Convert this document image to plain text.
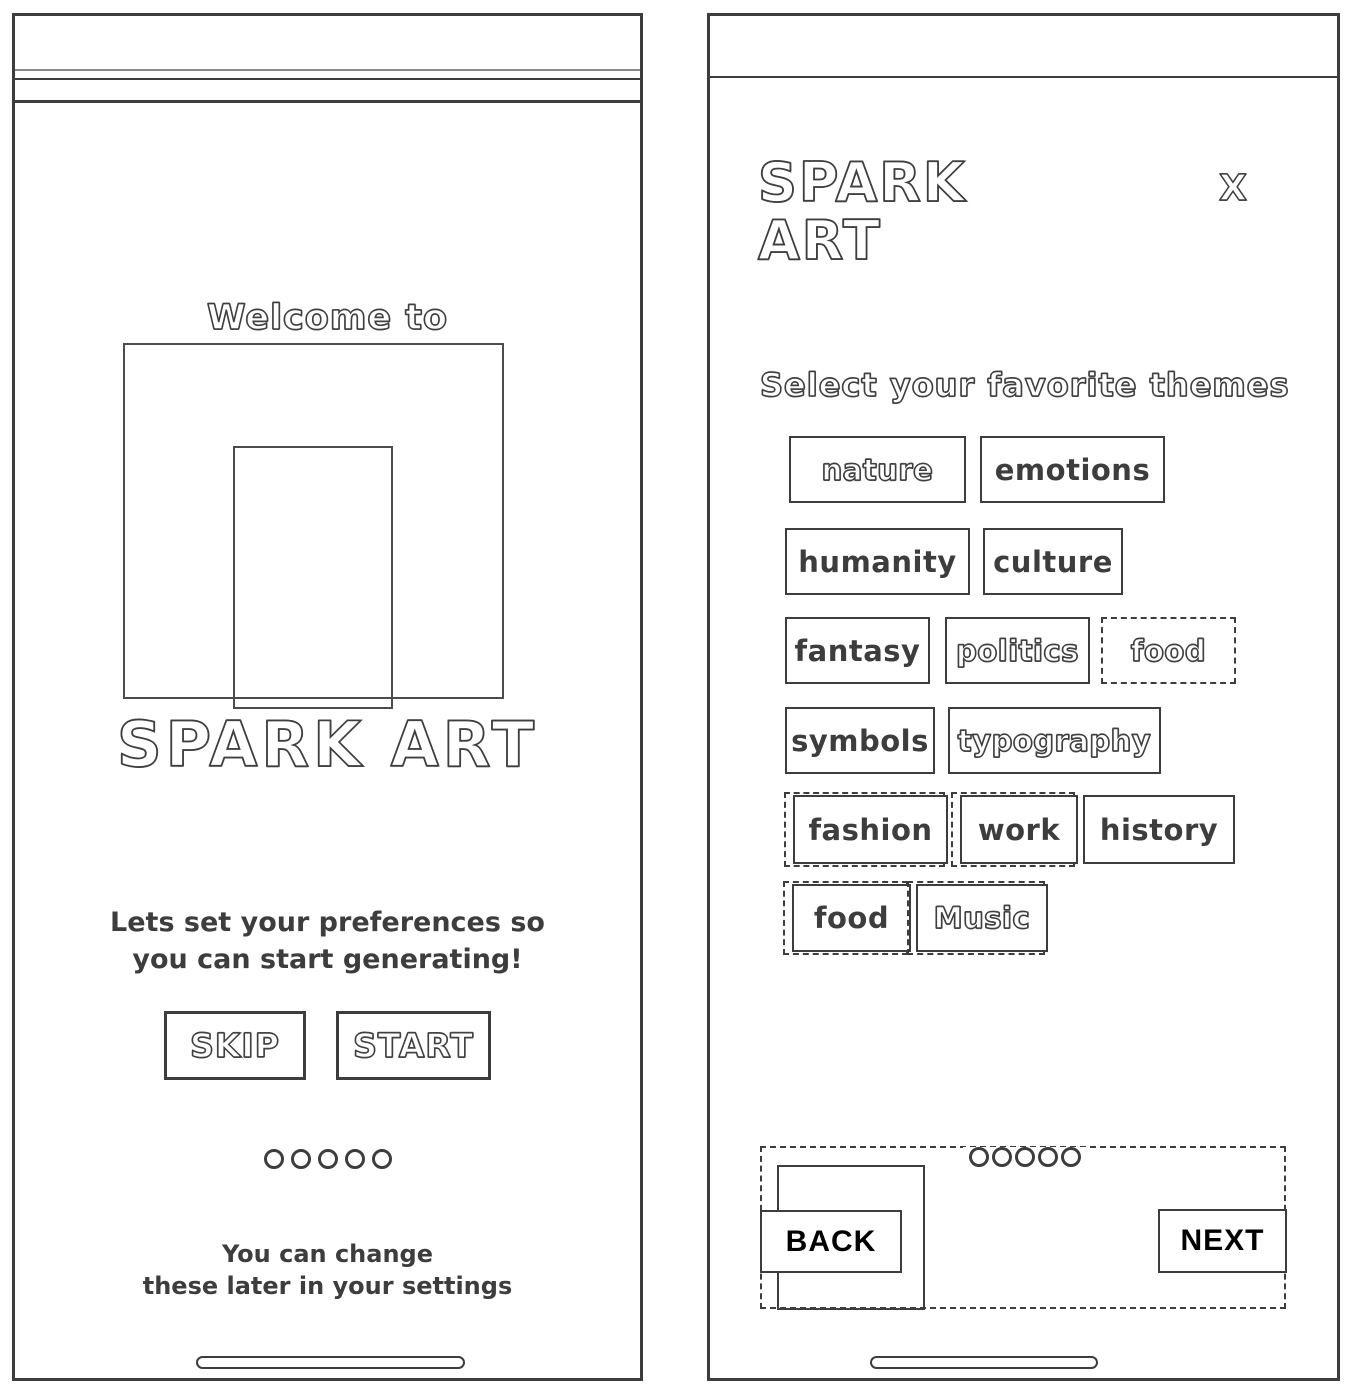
Welcome to
SPARK ART
Lets set your preferences so
you can start generating!
SKIP	START
You can change
these later in your settings
SPARK
ART
X
Select your favorite themes
nature emotions
humanity culture
fantasy politics food
symbols typography
fashion work history
food Music
BACK	NEXT
